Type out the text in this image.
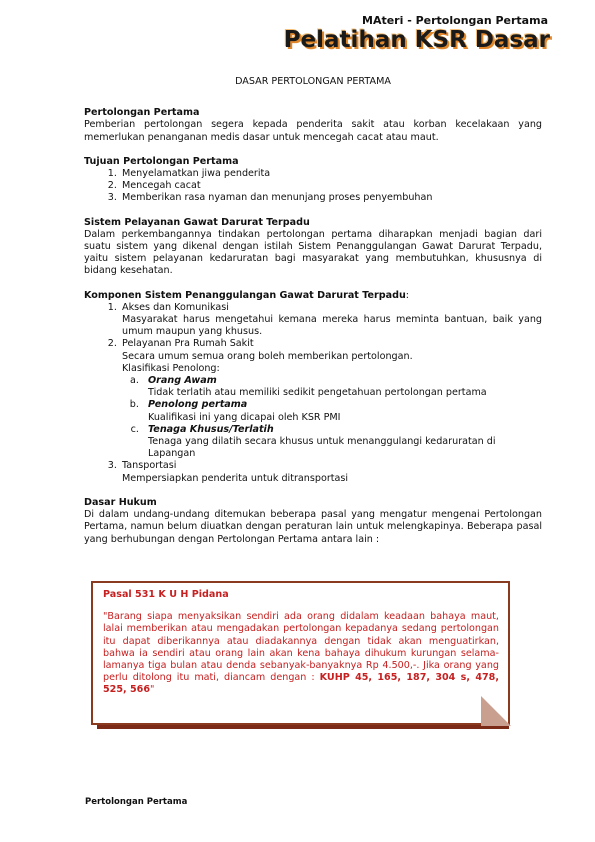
MAteri - Pertolongan Pertama
Pelatihan KSR Dasar
DASAR PERTOLONGAN PERTAMA
Pertolongan Pertama
Pemberian pertolongan segera kepada penderita sakit atau korban kecelakaan yang memerlukan penanganan medis dasar untuk mencegah cacat atau maut.
Tujuan Pertolongan Pertama
1. Menyelamatkan jiwa penderita
2. Mencegah cacat
3. Memberikan rasa nyaman dan menunjang proses penyembuhan
Sistem Pelayanan Gawat Darurat Terpadu
Dalam perkembangannya tindakan pertolongan pertama diharapkan menjadi bagian dari suatu sistem yang dikenal dengan istilah Sistem Penanggulangan Gawat Darurat Terpadu, yaitu sistem pelayanan kedaruratan bagi masyarakat yang membutuhkan, khususnya di bidang kesehatan.
Komponen Sistem Penanggulangan Gawat Darurat Terpadu:
1. Akses dan Komunikasi
Masyarakat harus mengetahui kemana mereka harus meminta bantuan, baik yang umum maupun yang khusus.
2. Pelayanan Pra Rumah Sakit
Secara umum semua orang boleh memberikan pertolongan.
Klasifikasi Penolong:
a. Orang Awam
Tidak terlatih atau memiliki sedikit pengetahuan pertolongan pertama
b. Penolong pertama
Kualifikasi ini yang dicapai oleh KSR PMI
c. Tenaga Khusus/Terlatih
Tenaga yang dilatih secara khusus untuk menanggulangi kedaruratan di Lapangan
3. Tansportasi
Mempersiapkan penderita untuk ditransportasi
Dasar Hukum
Di dalam undang-undang ditemukan beberapa pasal yang mengatur mengenai Pertolongan Pertama, namun belum diuatkan dengan peraturan lain untuk melengkapinya. Beberapa pasal yang berhubungan dengan Pertolongan Pertama antara lain :
Pasal 531 K U H Pidana
"Barang siapa menyaksikan sendiri ada orang didalam keadaan bahaya maut, lalai memberikan atau mengadakan pertolongan kepadanya sedang pertolongan itu dapat diberikannya atau diadakannya dengan tidak akan menguatirkan, bahwa ia sendiri atau orang lain akan kena bahaya dihukum kurungan selama-lamanya tiga bulan atau denda sebanyak-banyaknya Rp 4.500,-. Jika orang yang perlu ditolong itu mati, diancam dengan : KUHP 45, 165, 187, 304 s, 478, 525, 566"
Pertolongan Pertama
